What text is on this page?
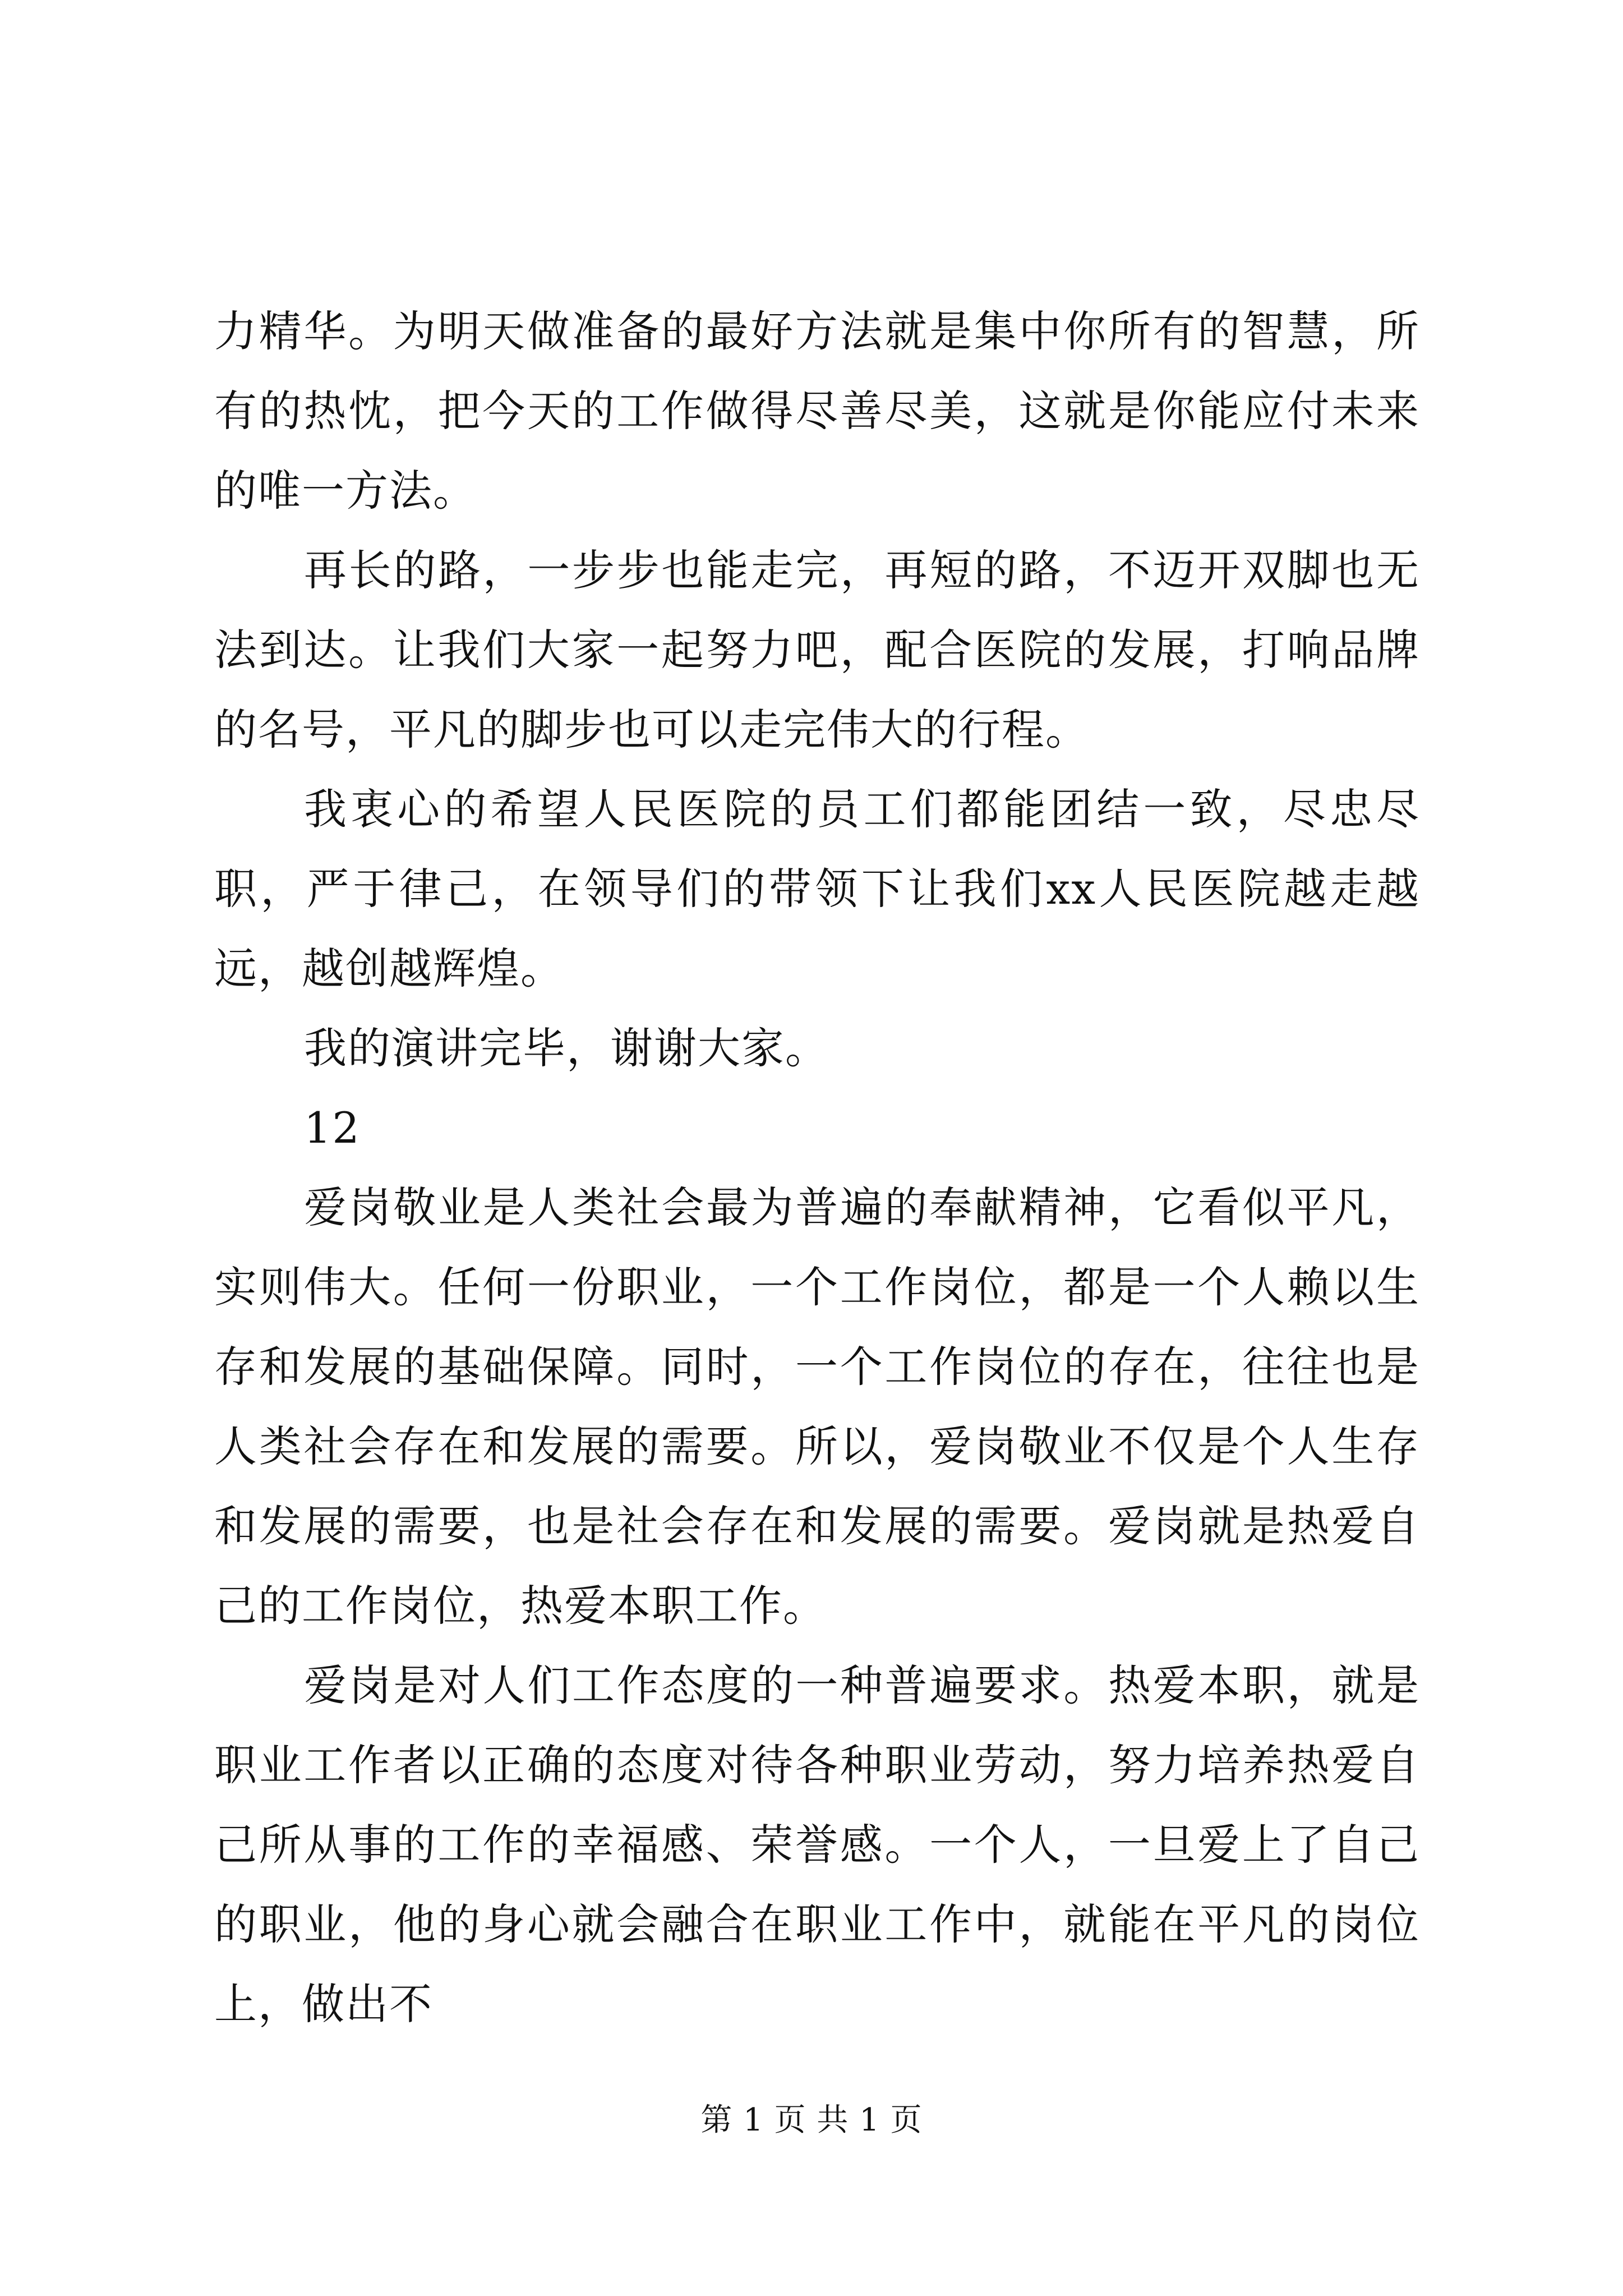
力精华。为明天做准备的最好方法就是集中你所有的智慧，所有的热忱，把今天的工作做得尽善尽美，这就是你能应付未来的唯一方法。

再长的路，一步步也能走完，再短的路，不迈开双脚也无法到达。让我们大家一起努力吧，配合医院的发展，打响品牌的名号，平凡的脚步也可以走完伟大的行程。

我衷心的希望人民医院的员工们都能团结一致，尽忠尽职，严于律己，在领导们的带领下让我们xx人民医院越走越远，越创越辉煌。

我的演讲完毕，谢谢大家。

12

爱岗敬业是人类社会最为普遍的奉献精神，它看似平凡，实则伟大。任何一份职业，一个工作岗位，都是一个人赖以生存和发展的基础保障。同时，一个工作岗位的存在，往往也是人类社会存在和发展的需要。所以，爱岗敬业不仅是个人生存和发展的需要，也是社会存在和发展的需要。爱岗就是热爱自己的工作岗位，热爱本职工作。

爱岗是对人们工作态度的一种普遍要求。热爱本职，就是职业工作者以正确的态度对待各种职业劳动，努力培养热爱自己所从事的工作的幸福感、荣誉感。一个人，一旦爱上了自己的职业，他的身心就会融合在职业工作中，就能在平凡的岗位上，做出不

第 1 页 共 1 页
